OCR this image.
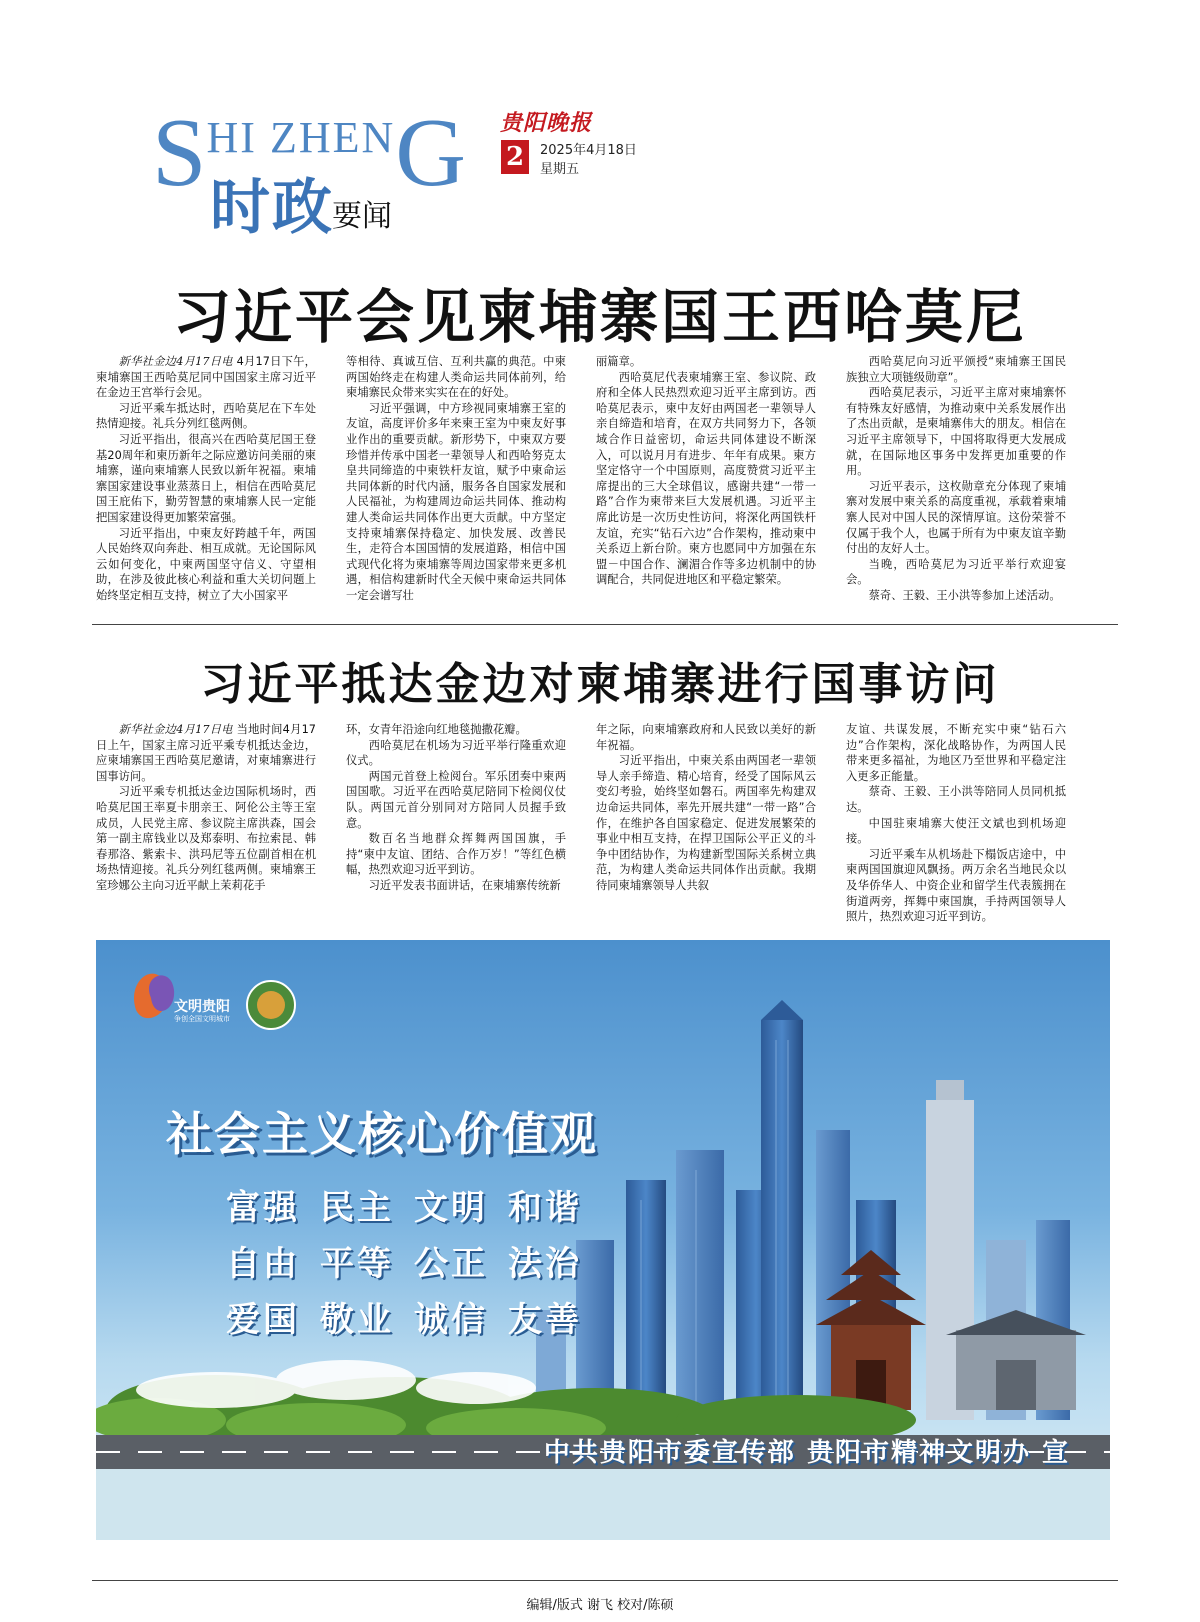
SHI ZHENG
时政
要闻
贵阳晚报
2	2025年4月18日
星期五
习近平会见柬埔寨国王西哈莫尼

新华社金边4月17日电 4月17日下午，柬埔寨国王西哈莫尼同中国国家主席习近平在金边王宫举行会见。

习近平乘车抵达时，西哈莫尼在下车处热情迎接。礼兵分列红毯两侧。

习近平指出，很高兴在西哈莫尼国王登基20周年和柬历新年之际应邀访问美丽的柬埔寨，谨向柬埔寨人民致以新年祝福。柬埔寨国家建设事业蒸蒸日上，相信在西哈莫尼国王庇佑下，勤劳智慧的柬埔寨人民一定能把国家建设得更加繁荣富强。

习近平指出，中柬友好跨越千年，两国人民始终双向奔赴、相互成就。无论国际风云如何变化，中柬两国坚守信义、守望相助，在涉及彼此核心利益和重大关切问题上始终坚定相互支持，树立了大小国家平

等相待、真诚互信、互利共赢的典范。中柬两国始终走在构建人类命运共同体前列，给柬埔寨民众带来实实在在的好处。

习近平强调，中方珍视同柬埔寨王室的友谊，高度评价多年来柬王室为中柬友好事业作出的重要贡献。新形势下，中柬双方要珍惜并传承中国老一辈领导人和西哈努克太皇共同缔造的中柬铁杆友谊，赋予中柬命运共同体新的时代内涵，服务各自国家发展和人民福祉，为构建周边命运共同体、推动构建人类命运共同体作出更大贡献。中方坚定支持柬埔寨保持稳定、加快发展、改善民生，走符合本国国情的发展道路，相信中国式现代化将为柬埔寨等周边国家带来更多机遇，相信构建新时代全天候中柬命运共同体一定会谱写壮

丽篇章。

西哈莫尼代表柬埔寨王室、参议院、政府和全体人民热烈欢迎习近平主席到访。西哈莫尼表示，柬中友好由两国老一辈领导人亲自缔造和培育，在双方共同努力下，各领域合作日益密切，命运共同体建设不断深入，可以说月月有进步、年年有成果。柬方坚定恪守一个中国原则，高度赞赏习近平主席提出的三大全球倡议，感谢共建“一带一路”合作为柬带来巨大发展机遇。习近平主席此访是一次历史性访问，将深化两国铁杆友谊，充实“钻石六边”合作架构，推动柬中关系迈上新台阶。柬方也愿同中方加强在东盟－中国合作、澜湄合作等多边机制中的协调配合，共同促进地区和平稳定繁荣。

西哈莫尼向习近平颁授“柬埔寨王国民族独立大项链级勋章”。

西哈莫尼表示，习近平主席对柬埔寨怀有特殊友好感情，为推动柬中关系发展作出了杰出贡献，是柬埔寨伟大的朋友。相信在习近平主席领导下，中国将取得更大发展成就，在国际地区事务中发挥更加重要的作用。

习近平表示，这枚勋章充分体现了柬埔寨对发展中柬关系的高度重视，承载着柬埔寨人民对中国人民的深情厚谊。这份荣誉不仅属于我个人，也属于所有为中柬友谊辛勤付出的友好人士。

当晚，西哈莫尼为习近平举行欢迎宴会。

蔡奇、王毅、王小洪等参加上述活动。

习近平抵达金边对柬埔寨进行国事访问

新华社金边4月17日电 当地时间4月17日上午，国家主席习近平乘专机抵达金边，应柬埔寨国王西哈莫尼邀请，对柬埔寨进行国事访问。

习近平乘专机抵达金边国际机场时，西哈莫尼国王率夏卡朋亲王、阿伦公主等王室成员，人民党主席、参议院主席洪森，国会第一副主席钱业以及郑泰明、布拉索昆、韩春那洛、紫索卡、洪玛尼等五位副首相在机场热情迎接。礼兵分列红毯两侧。柬埔寨王室珍娜公主向习近平献上茉莉花手

环，女青年沿途向红地毯抛撒花瓣。

西哈莫尼在机场为习近平举行隆重欢迎仪式。

两国元首登上检阅台。军乐团奏中柬两国国歌。习近平在西哈莫尼陪同下检阅仪仗队。两国元首分别同对方陪同人员握手致意。

数百名当地群众挥舞两国国旗，手持“柬中友谊、团结、合作万岁！”等红色横幅，热烈欢迎习近平到访。

习近平发表书面讲话，在柬埔寨传统新

年之际，向柬埔寨政府和人民致以美好的新年祝福。

习近平指出，中柬关系由两国老一辈领导人亲手缔造、精心培育，经受了国际风云变幻考验，始终坚如磐石。两国率先构建双边命运共同体，率先开展共建“一带一路”合作，在维护各自国家稳定、促进发展繁荣的事业中相互支持，在捍卫国际公平正义的斗争中团结协作，为构建新型国际关系树立典范，为构建人类命运共同体作出贡献。我期待同柬埔寨领导人共叙

友谊、共谋发展，不断充实中柬“钻石六边”合作架构，深化战略协作，为两国人民带来更多福祉，为地区乃至世界和平稳定注入更多正能量。

蔡奇、王毅、王小洪等陪同人员同机抵达。

中国驻柬埔寨大使汪文斌也到机场迎接。

习近平乘车从机场赴下榻饭店途中，中柬两国国旗迎风飘扬。两万余名当地民众以及华侨华人、中资企业和留学生代表簇拥在街道两旁，挥舞中柬国旗，手持两国领导人照片，热烈欢迎习近平到访。

文明贵阳
争创全国文明城市
社会主义核心价值观
富强 民主 文明 和谐
自由 平等 公正 法治
爱国 敬业 诚信 友善
中共贵阳市委宣传部 贵阳市精神文明办 宣
编辑/版式 谢飞 校对/陈硕
